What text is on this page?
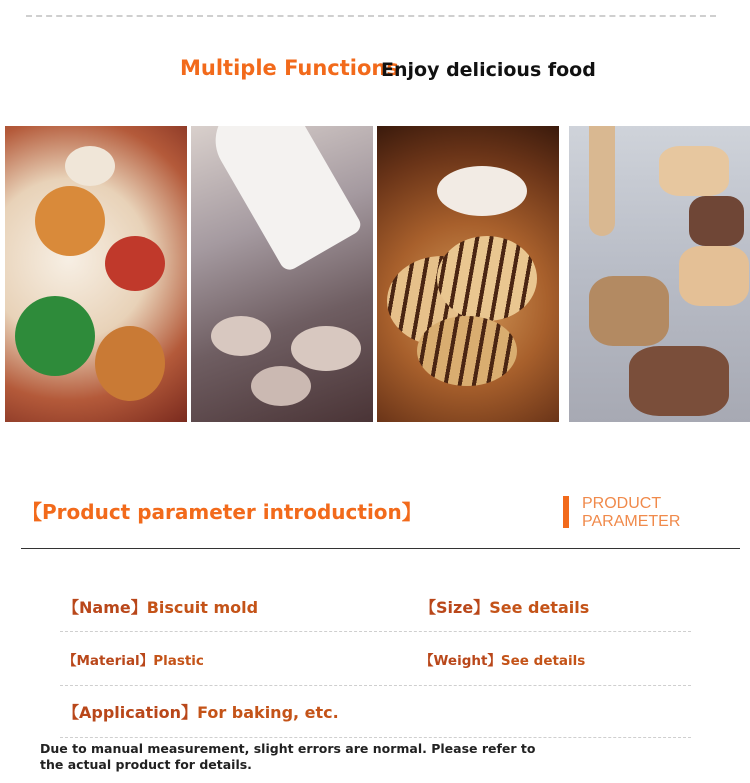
Multiple Functions
Enjoy delicious food
【Product parameter introduction】	PRODUCT
PARAMETER
【Name】Biscuit mold	【Size】See details
【Material】Plastic	【Weight】See details
【Application】For baking, etc.
Due to manual measurement, slight errors are normal. Please refer to the actual product for details.
